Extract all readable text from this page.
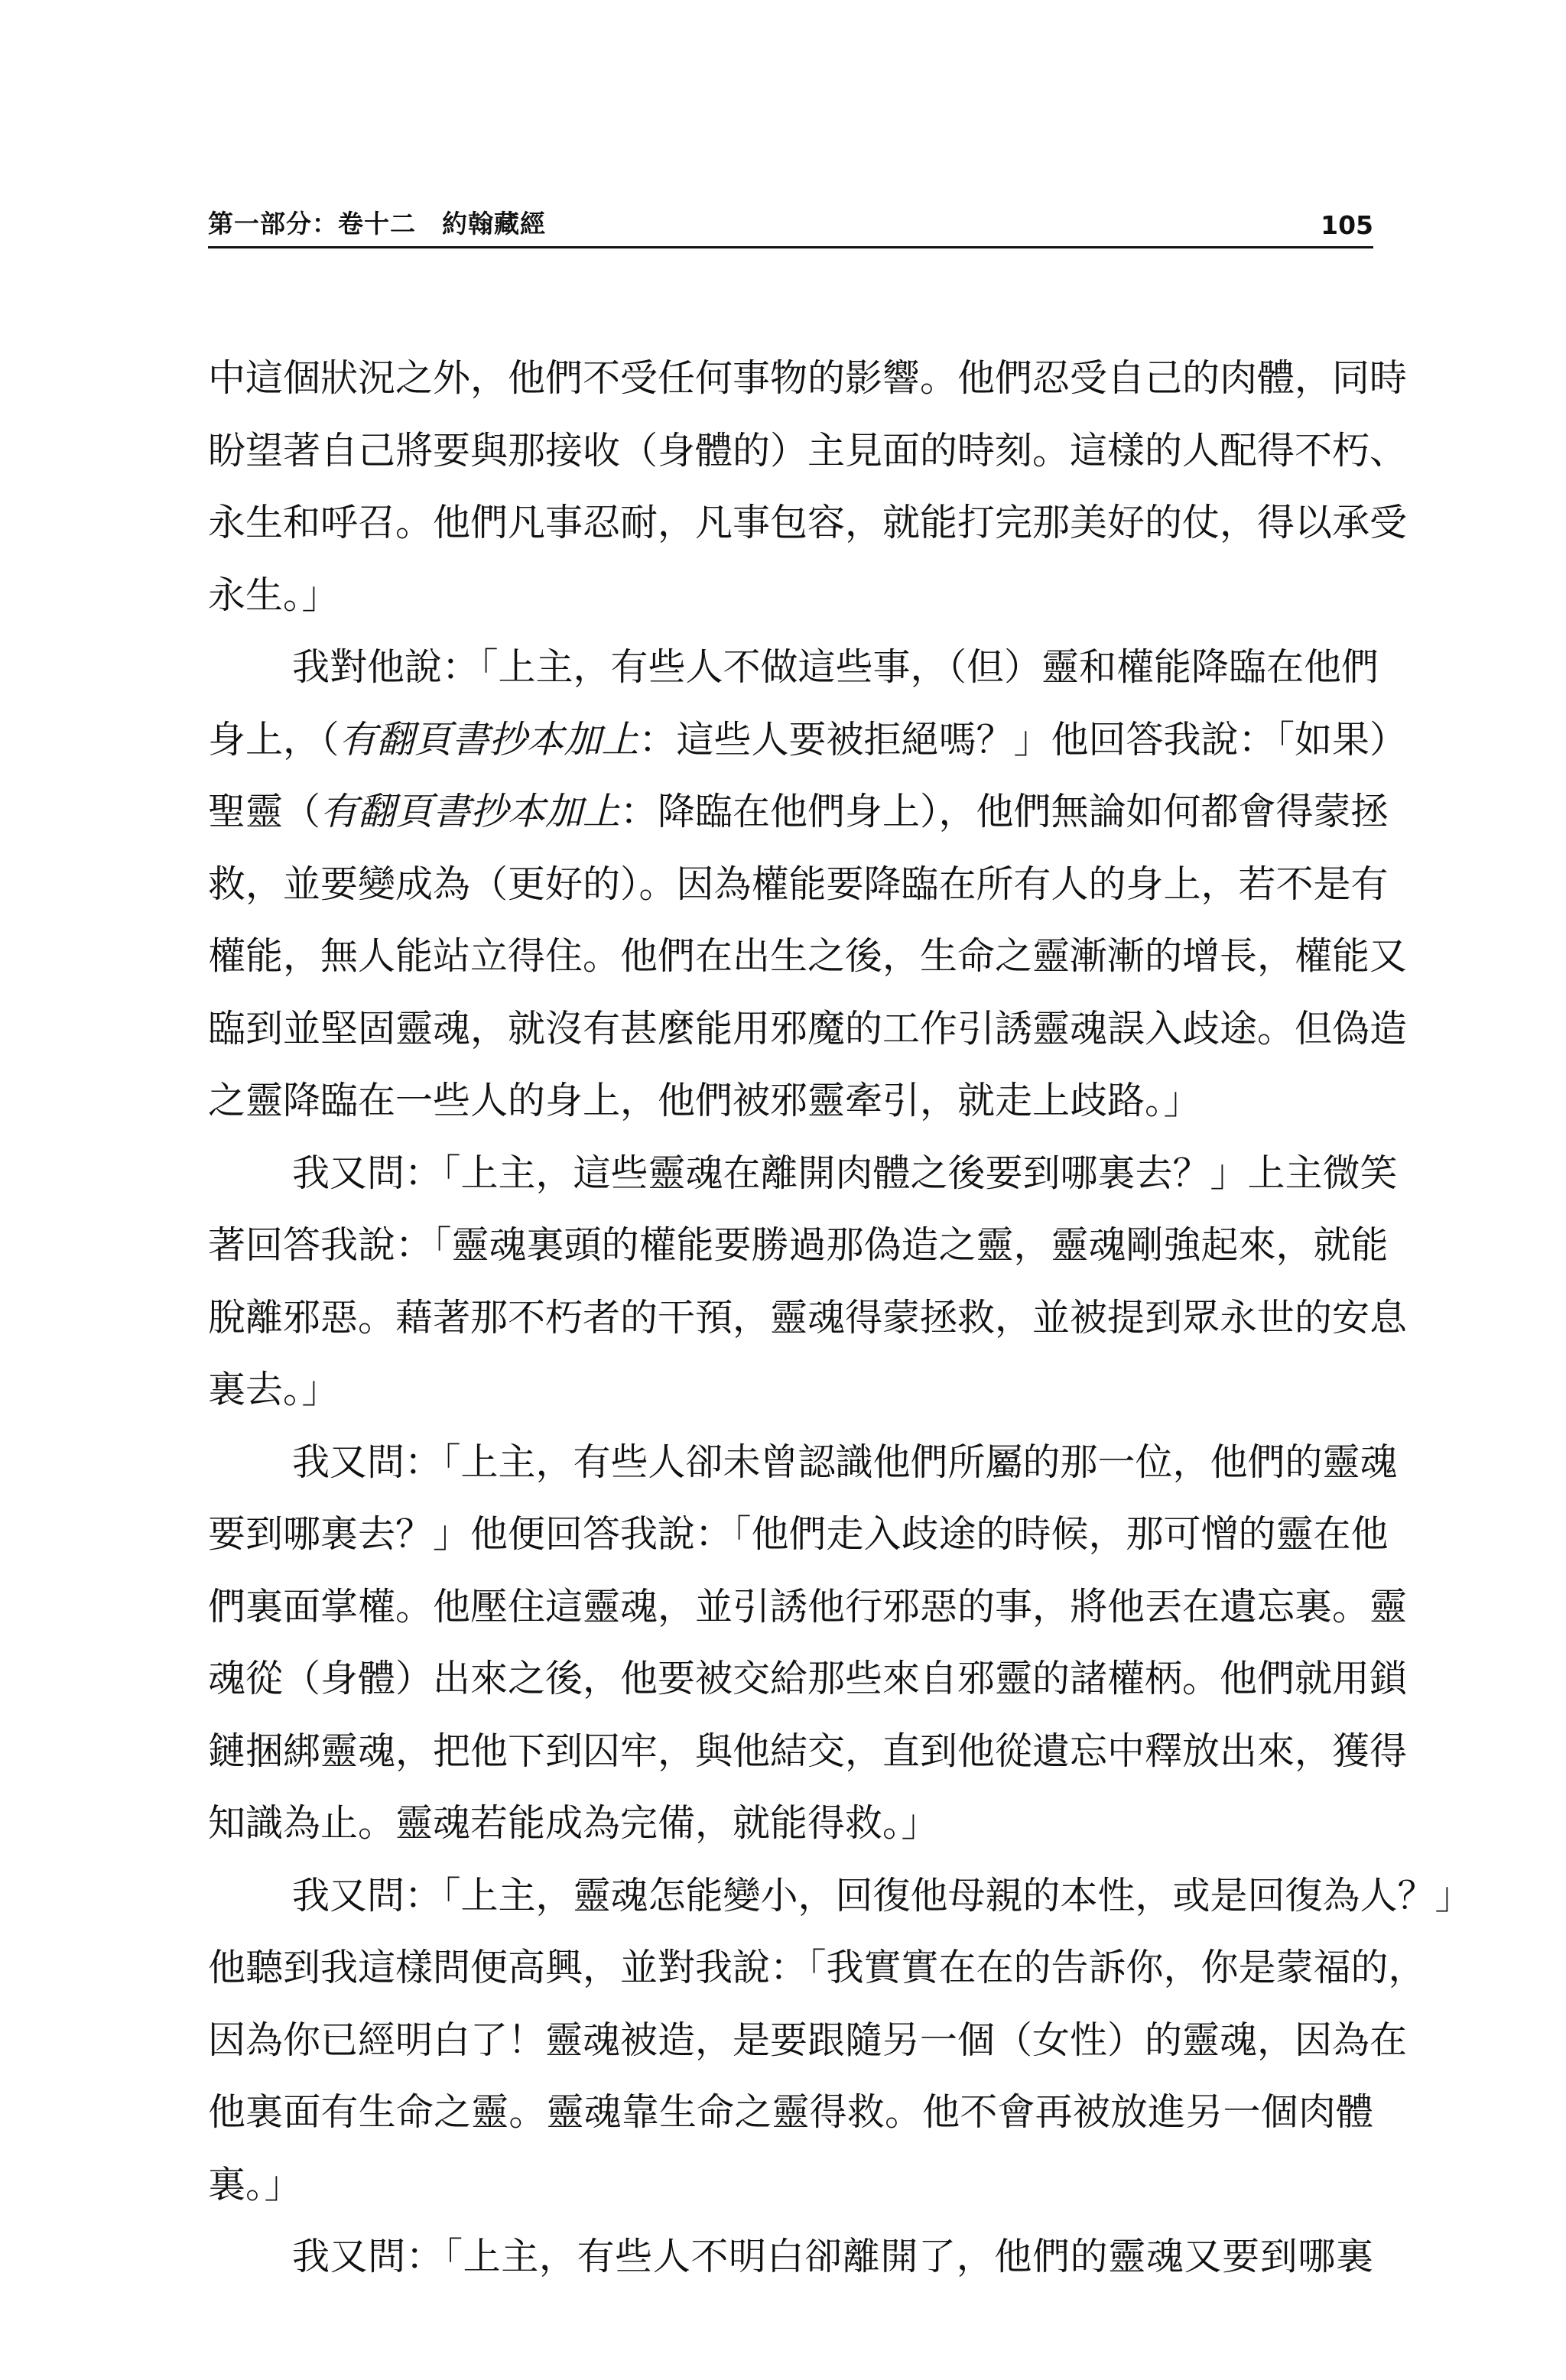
第一部分：卷十二　約翰藏經	105
中這個狀況之外，他們不受任何事物的影響。他們忍受自己的肉體，同時
盼望著自己將要與那接收（身體的）主見面的時刻。這樣的人配得不朽、
永生和呼召。他們凡事忍耐，凡事包容，就能打完那美好的仗，得以承受
永生。」
我對他說：「上主，有些人不做這些事，（但）靈和權能降臨在他們
身上，（有翻頁書抄本加上：這些人要被拒絕嗎？」他回答我說：「如果）
聖靈（有翻頁書抄本加上：降臨在他們身上），他們無論如何都會得蒙拯
救，並要變成為（更好的）。因為權能要降臨在所有人的身上，若不是有
權能，無人能站立得住。他們在出生之後，生命之靈漸漸的增長，權能又
臨到並堅固靈魂，就沒有甚麼能用邪魔的工作引誘靈魂誤入歧途。但偽造
之靈降臨在一些人的身上，他們被邪靈牽引，就走上歧路。」
我又問：「上主，這些靈魂在離開肉體之後要到哪裏去？」上主微笑
著回答我說：「靈魂裏頭的權能要勝過那偽造之靈，靈魂剛強起來，就能
脫離邪惡。藉著那不朽者的干預，靈魂得蒙拯救，並被提到眾永世的安息
裏去。」
我又問：「上主，有些人卻未曾認識他們所屬的那一位，他們的靈魂
要到哪裏去？」他便回答我說：「他們走入歧途的時候，那可憎的靈在他
們裏面掌權。他壓住這靈魂，並引誘他行邪惡的事，將他丟在遺忘裏。靈
魂從（身體）出來之後，他要被交給那些來自邪靈的諸權柄。他們就用鎖
鏈捆綁靈魂，把他下到囚牢，與他結交，直到他從遺忘中釋放出來，獲得
知識為止。靈魂若能成為完備，就能得救。」
我又問：「上主，靈魂怎能變小，回復他母親的本性，或是回復為人？」
他聽到我這樣問便高興，並對我說：「我實實在在的告訴你，你是蒙福的，
因為你已經明白了！靈魂被造，是要跟隨另一個（女性）的靈魂，因為在
他裏面有生命之靈。靈魂靠生命之靈得救。他不會再被放進另一個肉體
裏。」
我又問：「上主，有些人不明白卻離開了，他們的靈魂又要到哪裏
